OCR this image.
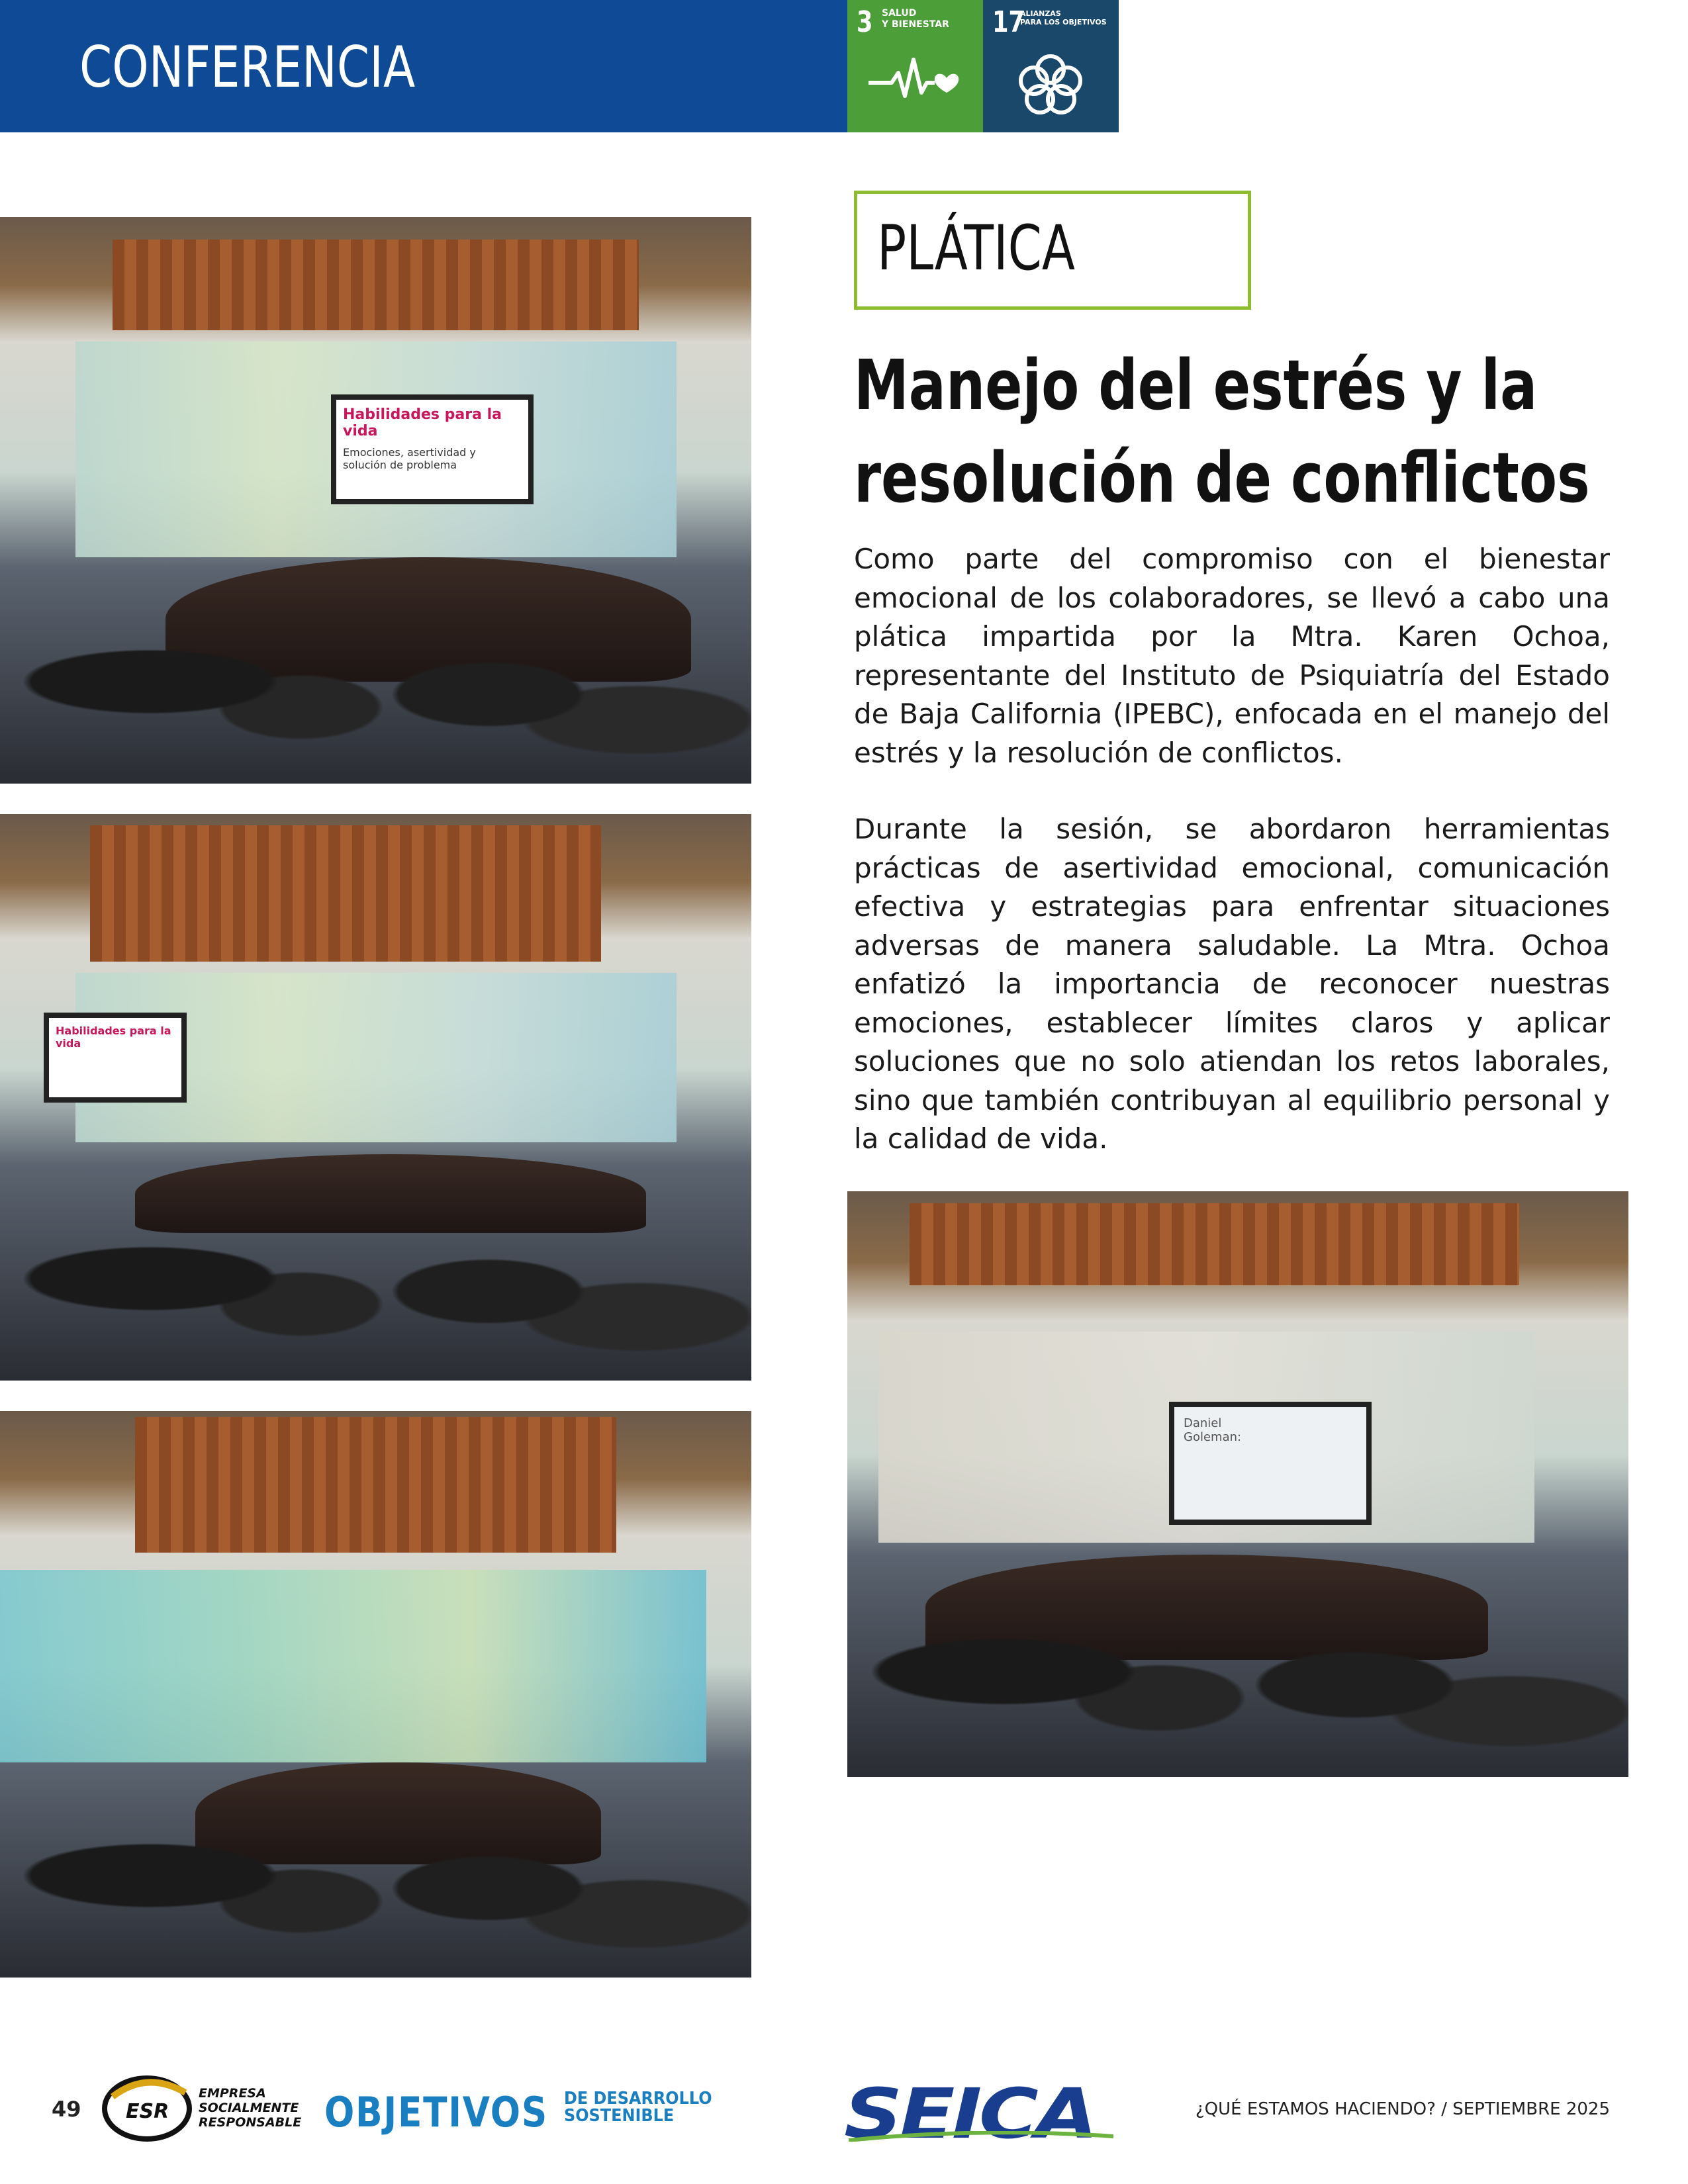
CONFERENCIA
3 SALUD
Y BIENESTAR	17
ALIANZAS
PARA LOS OBJETIVOS
Habilidades para la vida
Emociones, asertividad y solución de problema
Habilidades para la vida
Daniel Goleman:
PLÁTICA
Manejo del estrés y la
resolución de conflictos
Como parte del compromiso con el bienestar emocional de los colaboradores, se llevó a cabo una plática impartida por la Mtra. Karen Ochoa, representante del Instituto de Psiquiatría del Estado de Baja California (IPEBC), enfocada en el manejo del estrés y la resolución de conflictos.
Durante la sesión, se abordaron herramientas prácticas de asertividad emocional, comunicación efectiva y estrategias para enfrentar situaciones adversas de manera saludable. La Mtra. Ochoa enfatizó la importancia de reconocer nuestras emociones, establecer límites claros y aplicar soluciones que no solo atiendan los retos laborales, sino que también contribuyan al equilibrio personal y la calidad de vida.
49 ESR
EMPRESA
SOCIALMENTE
RESPONSABLE OBJETIVOS DE DESARROLLO
SOSTENIBLE	SEICA	¿QUÉ ESTAMOS HACIENDO? / SEPTIEMBRE 2025
